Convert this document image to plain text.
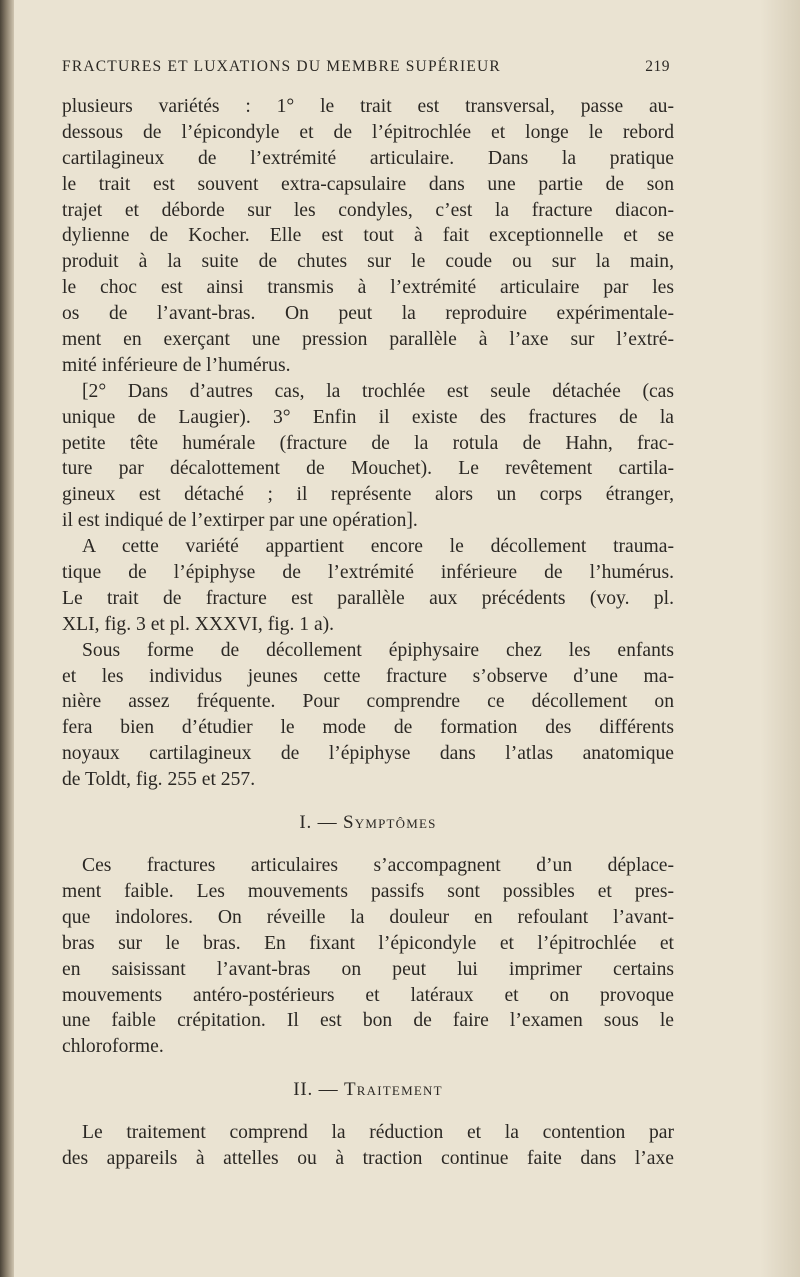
FRACTURES ET LUXATIONS DU MEMBRE SUPÉRIEUR	219
plusieurs variétés : 1° le trait est transversal, passe au-
dessous de l’épicondyle et de l’épitrochlée et longe le rebord
cartilagineux de l’extrémité articulaire. Dans la pratique
le trait est souvent extra-capsulaire dans une partie de son
trajet et déborde sur les condyles, c’est la fracture diacon-
dylienne de Kocher. Elle est tout à fait exceptionnelle et se
produit à la suite de chutes sur le coude ou sur la main,
le choc est ainsi transmis à l’extrémité articulaire par les
os de l’avant-bras. On peut la reproduire expérimentale-
ment en exerçant une pression parallèle à l’axe sur l’extré-
mité inférieure de l’humérus.
[2° Dans d’autres cas, la trochlée est seule détachée (cas
unique de Laugier). 3° Enfin il existe des fractures de la
petite tête humérale (fracture de la rotula de Hahn, frac-
ture par décalottement de Mouchet). Le revêtement cartila-
gineux est détaché ; il représente alors un corps étranger,
il est indiqué de l’extirper par une opération].
A cette variété appartient encore le décollement trauma-
tique de l’épiphyse de l’extrémité inférieure de l’humérus.
Le trait de fracture est parallèle aux précédents (voy. pl.
XLI, fig. 3 et pl. XXXVI, fig. 1 a).
Sous forme de décollement épiphysaire chez les enfants
et les individus jeunes cette fracture s’observe d’une ma-
nière assez fréquente. Pour comprendre ce décollement on
fera bien d’étudier le mode de formation des différents
noyaux cartilagineux de l’épiphyse dans l’atlas anatomique
de Toldt, fig. 255 et 257.
I. — Symptômes
Ces fractures articulaires s’accompagnent d’un déplace-
ment faible. Les mouvements passifs sont possibles et pres-
que indolores. On réveille la douleur en refoulant l’avant-
bras sur le bras. En fixant l’épicondyle et l’épitrochlée et
en saisissant l’avant-bras on peut lui imprimer certains
mouvements antéro-postérieurs et latéraux et on provoque
une faible crépitation. Il est bon de faire l’examen sous le
chloroforme.
II. — Traitement
Le traitement comprend la réduction et la contention par
des appareils à attelles ou à traction continue faite dans l’axe
